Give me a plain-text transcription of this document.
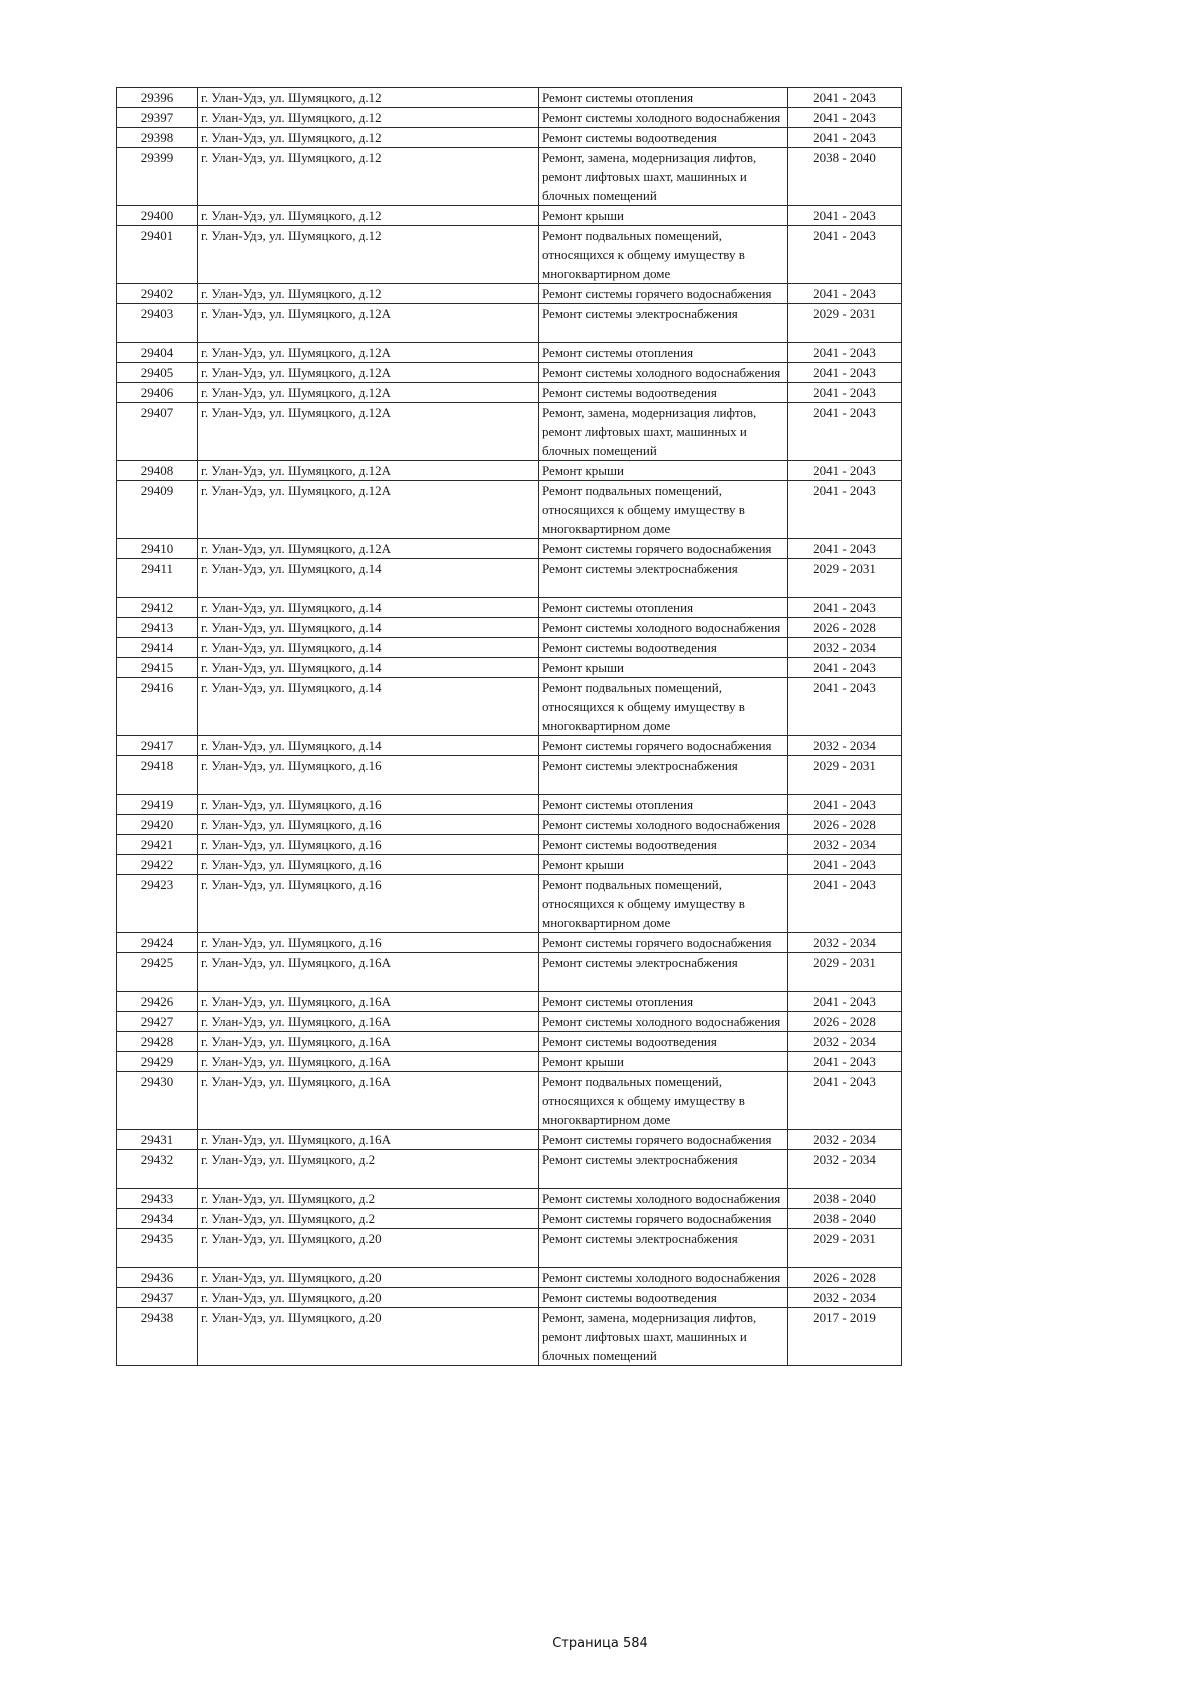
29396	г. Улан-Удэ, ул. Шумяцкого, д.12	Ремонт системы отопления	2041 - 2043
29397	г. Улан-Удэ, ул. Шумяцкого, д.12	Ремонт системы холодного водоснабжения	2041 - 2043
29398	г. Улан-Удэ, ул. Шумяцкого, д.12	Ремонт системы водоотведения	2041 - 2043
29399	г. Улан-Удэ, ул. Шумяцкого, д.12	Ремонт, замена, модернизация лифтов, ремонт лифтовых шахт, машинных и блочных помещений	2038 - 2040
29400	г. Улан-Удэ, ул. Шумяцкого, д.12	Ремонт крыши	2041 - 2043
29401	г. Улан-Удэ, ул. Шумяцкого, д.12	Ремонт подвальных помещений, относящихся к общему имуществу в многоквартирном доме	2041 - 2043
29402	г. Улан-Удэ, ул. Шумяцкого, д.12	Ремонт системы горячего водоснабжения	2041 - 2043
29403	г. Улан-Удэ, ул. Шумяцкого, д.12А	Ремонт системы электроснабжения	2029 - 2031
29404	г. Улан-Удэ, ул. Шумяцкого, д.12А	Ремонт системы отопления	2041 - 2043
29405	г. Улан-Удэ, ул. Шумяцкого, д.12А	Ремонт системы холодного водоснабжения	2041 - 2043
29406	г. Улан-Удэ, ул. Шумяцкого, д.12А	Ремонт системы водоотведения	2041 - 2043
29407	г. Улан-Удэ, ул. Шумяцкого, д.12А	Ремонт, замена, модернизация лифтов, ремонт лифтовых шахт, машинных и блочных помещений	2041 - 2043
29408	г. Улан-Удэ, ул. Шумяцкого, д.12А	Ремонт крыши	2041 - 2043
29409	г. Улан-Удэ, ул. Шумяцкого, д.12А	Ремонт подвальных помещений, относящихся к общему имуществу в многоквартирном доме	2041 - 2043
29410	г. Улан-Удэ, ул. Шумяцкого, д.12А	Ремонт системы горячего водоснабжения	2041 - 2043
29411	г. Улан-Удэ, ул. Шумяцкого, д.14	Ремонт системы электроснабжения	2029 - 2031
29412	г. Улан-Удэ, ул. Шумяцкого, д.14	Ремонт системы отопления	2041 - 2043
29413	г. Улан-Удэ, ул. Шумяцкого, д.14	Ремонт системы холодного водоснабжения	2026 - 2028
29414	г. Улан-Удэ, ул. Шумяцкого, д.14	Ремонт системы водоотведения	2032 - 2034
29415	г. Улан-Удэ, ул. Шумяцкого, д.14	Ремонт крыши	2041 - 2043
29416	г. Улан-Удэ, ул. Шумяцкого, д.14	Ремонт подвальных помещений, относящихся к общему имуществу в многоквартирном доме	2041 - 2043
29417	г. Улан-Удэ, ул. Шумяцкого, д.14	Ремонт системы горячего водоснабжения	2032 - 2034
29418	г. Улан-Удэ, ул. Шумяцкого, д.16	Ремонт системы электроснабжения	2029 - 2031
29419	г. Улан-Удэ, ул. Шумяцкого, д.16	Ремонт системы отопления	2041 - 2043
29420	г. Улан-Удэ, ул. Шумяцкого, д.16	Ремонт системы холодного водоснабжения	2026 - 2028
29421	г. Улан-Удэ, ул. Шумяцкого, д.16	Ремонт системы водоотведения	2032 - 2034
29422	г. Улан-Удэ, ул. Шумяцкого, д.16	Ремонт крыши	2041 - 2043
29423	г. Улан-Удэ, ул. Шумяцкого, д.16	Ремонт подвальных помещений, относящихся к общему имуществу в многоквартирном доме	2041 - 2043
29424	г. Улан-Удэ, ул. Шумяцкого, д.16	Ремонт системы горячего водоснабжения	2032 - 2034
29425	г. Улан-Удэ, ул. Шумяцкого, д.16А	Ремонт системы электроснабжения	2029 - 2031
29426	г. Улан-Удэ, ул. Шумяцкого, д.16А	Ремонт системы отопления	2041 - 2043
29427	г. Улан-Удэ, ул. Шумяцкого, д.16А	Ремонт системы холодного водоснабжения	2026 - 2028
29428	г. Улан-Удэ, ул. Шумяцкого, д.16А	Ремонт системы водоотведения	2032 - 2034
29429	г. Улан-Удэ, ул. Шумяцкого, д.16А	Ремонт крыши	2041 - 2043
29430	г. Улан-Удэ, ул. Шумяцкого, д.16А	Ремонт подвальных помещений, относящихся к общему имуществу в многоквартирном доме	2041 - 2043
29431	г. Улан-Удэ, ул. Шумяцкого, д.16А	Ремонт системы горячего водоснабжения	2032 - 2034
29432	г. Улан-Удэ, ул. Шумяцкого, д.2	Ремонт системы электроснабжения	2032 - 2034
29433	г. Улан-Удэ, ул. Шумяцкого, д.2	Ремонт системы холодного водоснабжения	2038 - 2040
29434	г. Улан-Удэ, ул. Шумяцкого, д.2	Ремонт системы горячего водоснабжения	2038 - 2040
29435	г. Улан-Удэ, ул. Шумяцкого, д.20	Ремонт системы электроснабжения	2029 - 2031
29436	г. Улан-Удэ, ул. Шумяцкого, д.20	Ремонт системы холодного водоснабжения	2026 - 2028
29437	г. Улан-Удэ, ул. Шумяцкого, д.20	Ремонт системы водоотведения	2032 - 2034
29438	г. Улан-Удэ, ул. Шумяцкого, д.20	Ремонт, замена, модернизация лифтов, ремонт лифтовых шахт, машинных и блочных помещений	2017 - 2019
Страница 584
